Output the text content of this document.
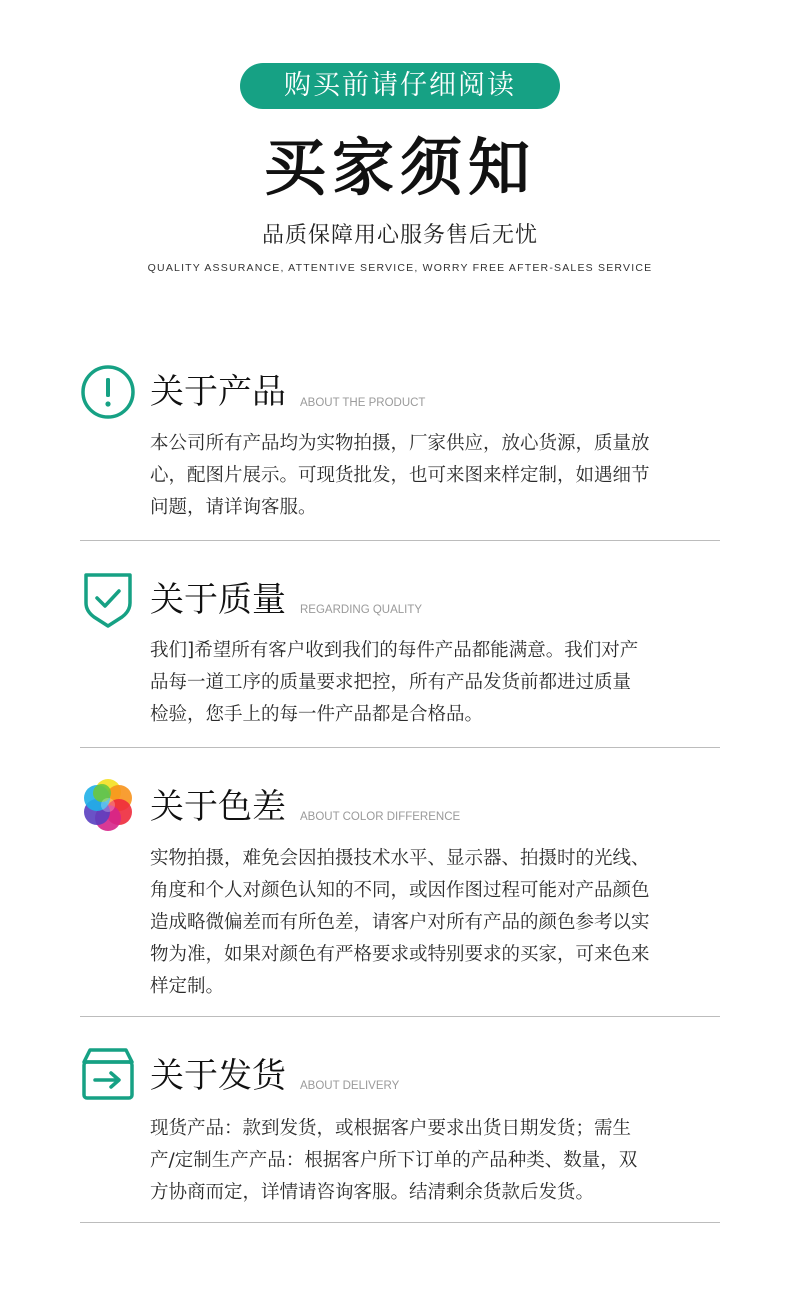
购买前请仔细阅读
买家须知
品质保障用心服务售后无忧
QUALITY ASSURANCE, ATTENTIVE SERVICE, WORRY FREE AFTER-SALES SERVICE
关于产品 ABOUT THE PRODUCT
本公司所有产品均为实物拍摄，厂家供应，放心货源，质量放
心，配图片展示。可现货批发，也可来图来样定制，如遇细节
问题，请详询客服。
关于质量 REGARDING QUALITY
我们]希望所有客户收到我们的每件产品都能满意。我们对产
品每一道工序的质量要求把控，所有产品发货前都进过质量
检验，您手上的每一件产品都是合格品。
关于色差 ABOUT COLOR DIFFERENCE
实物拍摄，难免会因拍摄技术水平、显示器、拍摄时的光线、
角度和个人对颜色认知的不同，或因作图过程可能对产品颜色
造成略微偏差而有所色差，请客户对所有产品的颜色参考以实
物为准，如果对颜色有严格要求或特别要求的买家，可来色来
样定制。
关于发货 ABOUT DELIVERY
现货产品：款到发货，或根据客户要求出货日期发货；需生
产/定制生产产品：根据客户所下订单的产品种类、数量，双
方协商而定，详情请咨询客服。结清剩余货款后发货。
